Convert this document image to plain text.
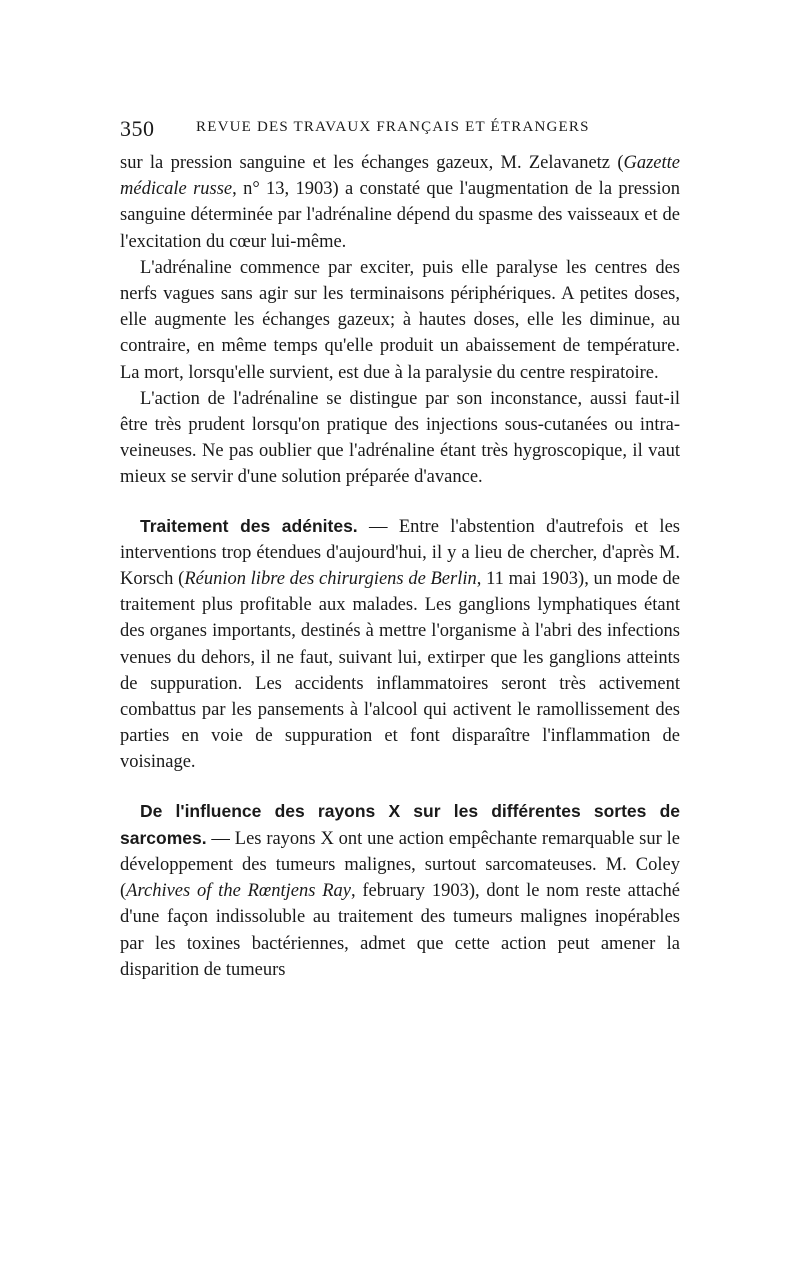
350	REVUE DES TRAVAUX FRANÇAIS ET ÉTRANGERS

sur la pression sanguine et les échanges gazeux, M. Zelavanetz (Gazette médicale russe, n° 13, 1903) a constaté que l'augmentation de la pression sanguine déterminée par l'adrénaline dépend du spasme des vaisseaux et de l'excitation du cœur lui-même.

L'adrénaline commence par exciter, puis elle paralyse les centres des nerfs vagues sans agir sur les terminaisons périphériques. A petites doses, elle augmente les échanges gazeux; à hautes doses, elle les diminue, au contraire, en même temps qu'elle produit un abaissement de température. La mort, lorsqu'elle survient, est due à la paralysie du centre respiratoire.

L'action de l'adrénaline se distingue par son inconstance, aussi faut-il être très prudent lorsqu'on pratique des injections sous-cutanées ou intra-veineuses. Ne pas oublier que l'adrénaline étant très hygroscopique, il vaut mieux se servir d'une solution préparée d'avance.

Traitement des adénites. — Entre l'abstention d'autrefois et les interventions trop étendues d'aujourd'hui, il y a lieu de chercher, d'après M. Korsch (Réunion libre des chirurgiens de Berlin, 11 mai 1903), un mode de traitement plus profitable aux malades. Les ganglions lymphatiques étant des organes importants, destinés à mettre l'organisme à l'abri des infections venues du dehors, il ne faut, suivant lui, extirper que les ganglions atteints de suppuration. Les accidents inflammatoires seront très activement combattus par les pansements à l'alcool qui activent le ramollissement des parties en voie de suppuration et font disparaître l'inflammation de voisinage.

De l'influence des rayons X sur les différentes sortes de sarcomes. — Les rayons X ont une action empêchante remarquable sur le développement des tumeurs malignes, surtout sarcomateuses. M. Coley (Archives of the Rœntjens Ray, february 1903), dont le nom reste attaché d'une façon indissoluble au traitement des tumeurs malignes inopérables par les toxines bactériennes, admet que cette action peut amener la disparition de tumeurs
